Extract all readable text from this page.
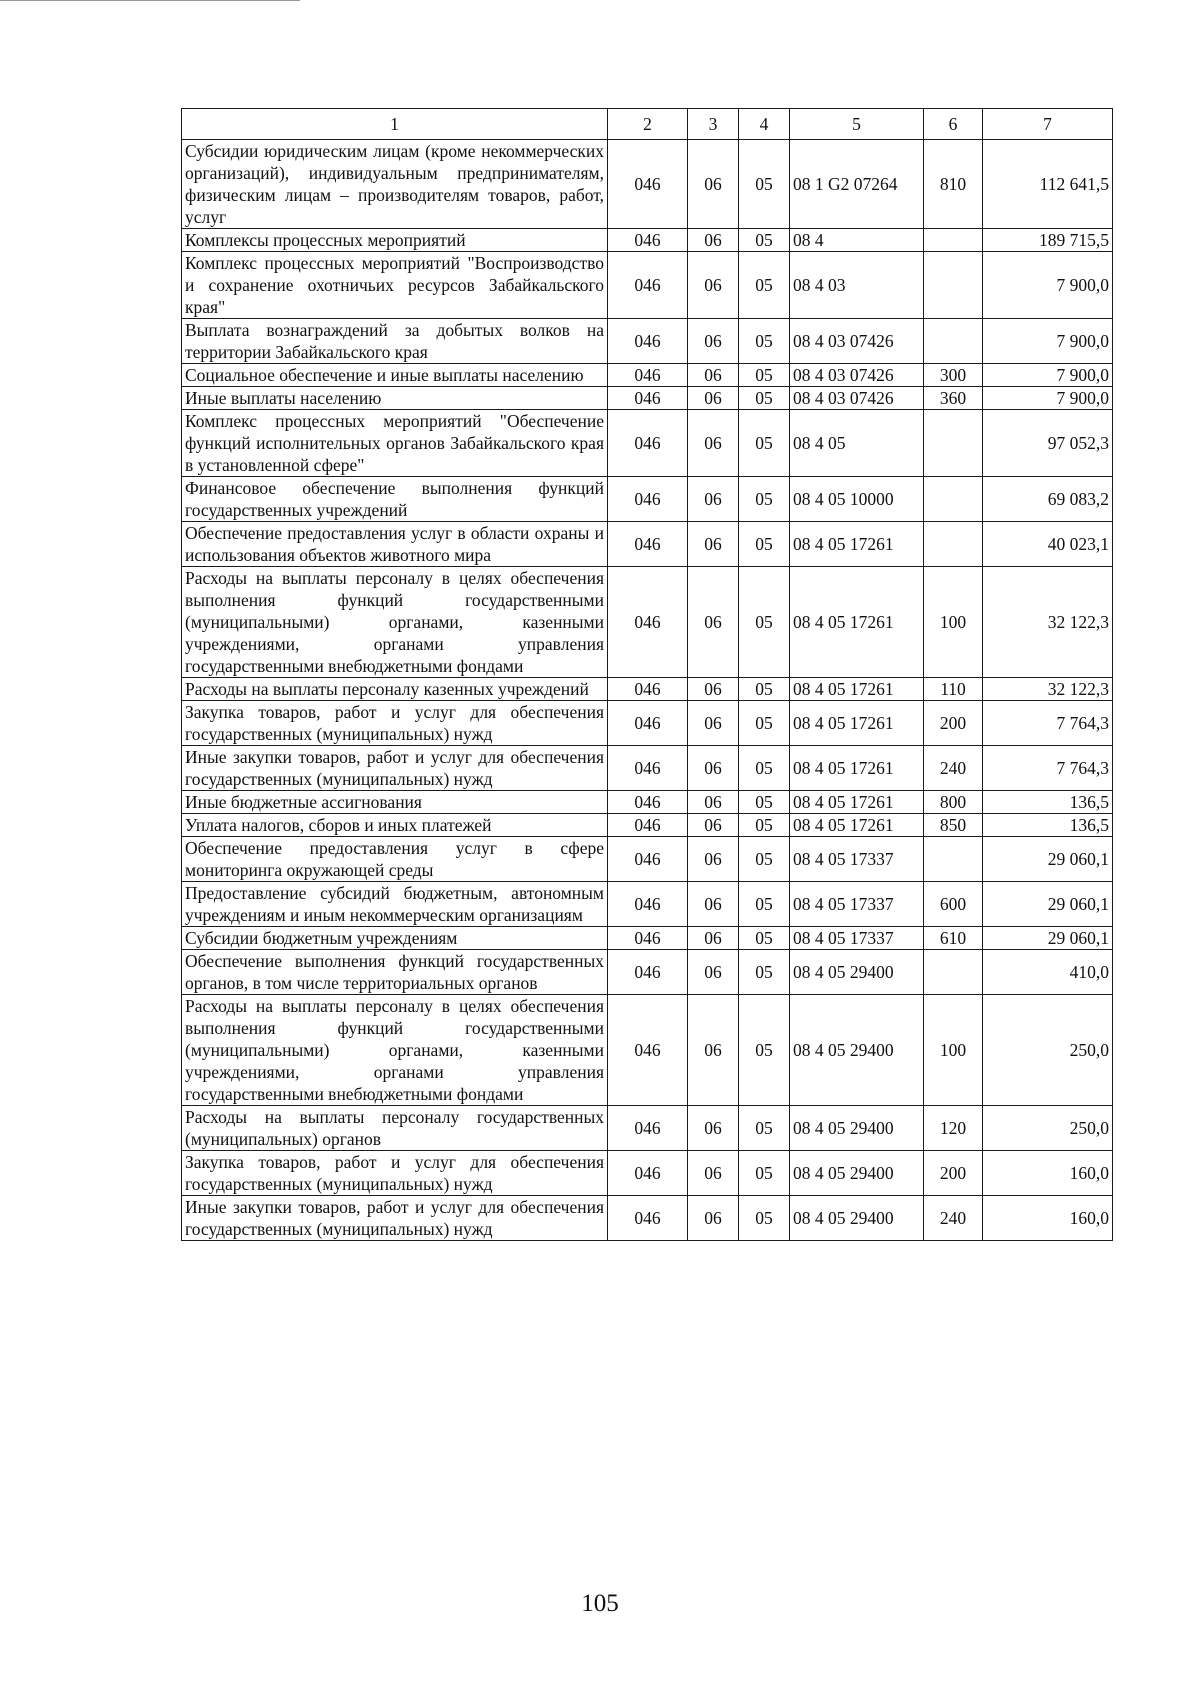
1	2	3	4	5	6	7
Субсидии юридическим лицам (кроме некоммерческих организаций), индивидуальным предпринимателям, физическим лицам – производителям товаров, работ, услуг	046	06	05	08 1 G2 07264	810	112 641,5
Комплексы процессных мероприятий	046	06	05	08 4		189 715,5
Комплекс процессных мероприятий "Воспроизводство и сохранение охотничьих ресурсов Забайкальского края"	046	06	05	08 4 03		7 900,0
Выплата вознаграждений за добытых волков на территории Забайкальского края	046	06	05	08 4 03 07426		7 900,0
Социальное обеспечение и иные выплаты населению	046	06	05	08 4 03 07426	300	7 900,0
Иные выплаты населению	046	06	05	08 4 03 07426	360	7 900,0
Комплекс процессных мероприятий "Обеспечение функций исполнительных органов Забайкальского края в установленной сфере"	046	06	05	08 4 05		97 052,3
Финансовое обеспечение выполнения функций государственных учреждений	046	06	05	08 4 05 10000		69 083,2
Обеспечение предоставления услуг в области охраны и использования объектов животного мира	046	06	05	08 4 05 17261		40 023,1
Расходы на выплаты персоналу в целях обеспечения выполнения функций государственными (муниципальными) органами, казенными учреждениями, органами управления государственными внебюджетными фондами	046	06	05	08 4 05 17261	100	32 122,3
Расходы на выплаты персоналу казенных учреждений	046	06	05	08 4 05 17261	110	32 122,3
Закупка товаров, работ и услуг для обеспечения государственных (муниципальных) нужд	046	06	05	08 4 05 17261	200	7 764,3
Иные закупки товаров, работ и услуг для обеспечения государственных (муниципальных) нужд	046	06	05	08 4 05 17261	240	7 764,3
Иные бюджетные ассигнования	046	06	05	08 4 05 17261	800	136,5
Уплата налогов, сборов и иных платежей	046	06	05	08 4 05 17261	850	136,5
Обеспечение предоставления услуг в сфере мониторинга окружающей среды	046	06	05	08 4 05 17337		29 060,1
Предоставление субсидий бюджетным, автономным учреждениям и иным некоммерческим организациям	046	06	05	08 4 05 17337	600	29 060,1
Субсидии бюджетным учреждениям	046	06	05	08 4 05 17337	610	29 060,1
Обеспечение выполнения функций государственных органов, в том числе территориальных органов	046	06	05	08 4 05 29400		410,0
Расходы на выплаты персоналу в целях обеспечения выполнения функций государственными (муниципальными) органами, казенными учреждениями, органами управления государственными внебюджетными фондами	046	06	05	08 4 05 29400	100	250,0
Расходы на выплаты персоналу государственных (муниципальных) органов	046	06	05	08 4 05 29400	120	250,0
Закупка товаров, работ и услуг для обеспечения государственных (муниципальных) нужд	046	06	05	08 4 05 29400	200	160,0
Иные закупки товаров, работ и услуг для обеспечения государственных (муниципальных) нужд	046	06	05	08 4 05 29400	240	160,0
105
